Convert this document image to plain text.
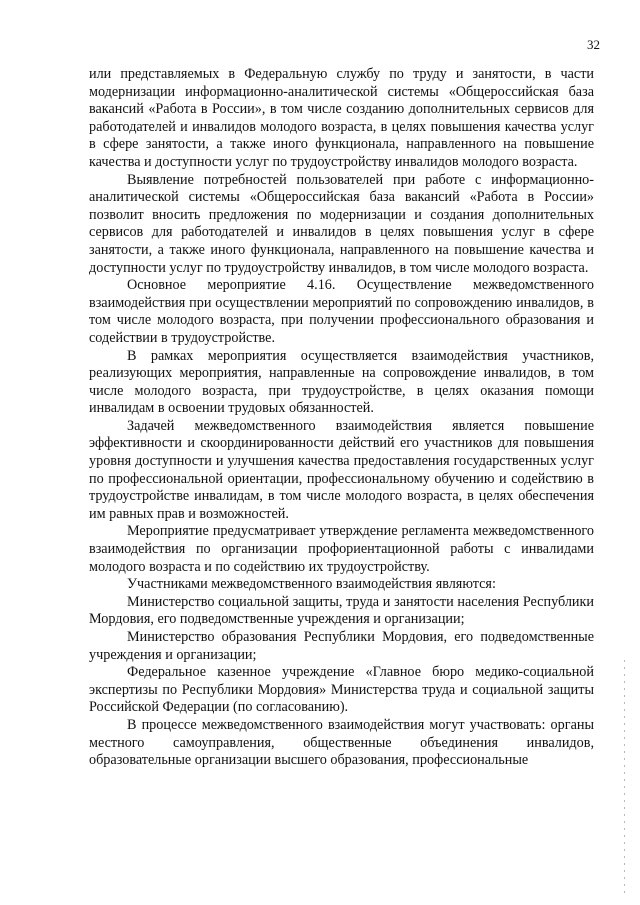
32

или представляемых в Федеральную службу по труду и занятости, в части модернизации информационно-аналитической системы «Общероссийская база вакансий «Работа в России», в том числе созданию дополнительных сервисов для работодателей и инвалидов молодого возраста, в целях повышения качества услуг в сфере занятости, а также иного функционала, направленного на повышение качества и доступности услуг по трудоустройству инвалидов молодого возраста.

Выявление потребностей пользователей при работе с информационно-аналитической системы «Общероссийская база вакансий «Работа в России» позволит вносить предложения по модернизации и создания дополнительных сервисов для работодателей и инвалидов в целях повышения услуг в сфере занятости, а также иного функционала, направленного на повышение качества и доступности услуг по трудоустройству инвалидов, в том числе молодого возраста.

Основное мероприятие 4.16. Осуществление межведомственного взаимодействия при осуществлении мероприятий по сопровождению инвалидов, в том числе молодого возраста, при получении профессионального образования и содействии в трудоустройстве.

В рамках мероприятия осуществляется взаимодействия участников, реализующих мероприятия, направленные на сопровождение инвалидов, в том числе молодого возраста, при трудоустройстве, в целях оказания помощи инвалидам в освоении трудовых обязанностей.

Задачей межведомственного взаимодействия является повышение эффективности и скоординированности действий его участников для повышения уровня доступности и улучшения качества предоставления государственных услуг по профессиональной ориентации, профессиональному обучению и содействию в трудоустройстве инвалидам, в том числе молодого возраста, в целях обеспечения им равных прав и возможностей.

Мероприятие предусматривает утверждение регламента межведомственного взаимодействия по организации профориентационной работы с инвалидами молодого возраста и по содействию их трудоустройству.

Участниками межведомственного взаимодействия являются:

Министерство социальной защиты, труда и занятости населения Республики Мордовия, его подведомственные учреждения и организации;

Министерство образования Республики Мордовия, его подведомственные учреждения и организации;

Федеральное казенное учреждение «Главное бюро медико-социальной экспертизы по Республики Мордовия» Министерства труда и социальной защиты Российской Федерации (по согласованию).

В процессе межведомственного взаимодействия могут участвовать: органы местного самоуправления, общественные объединения инвалидов, образовательные организации высшего образования, профессиональные
